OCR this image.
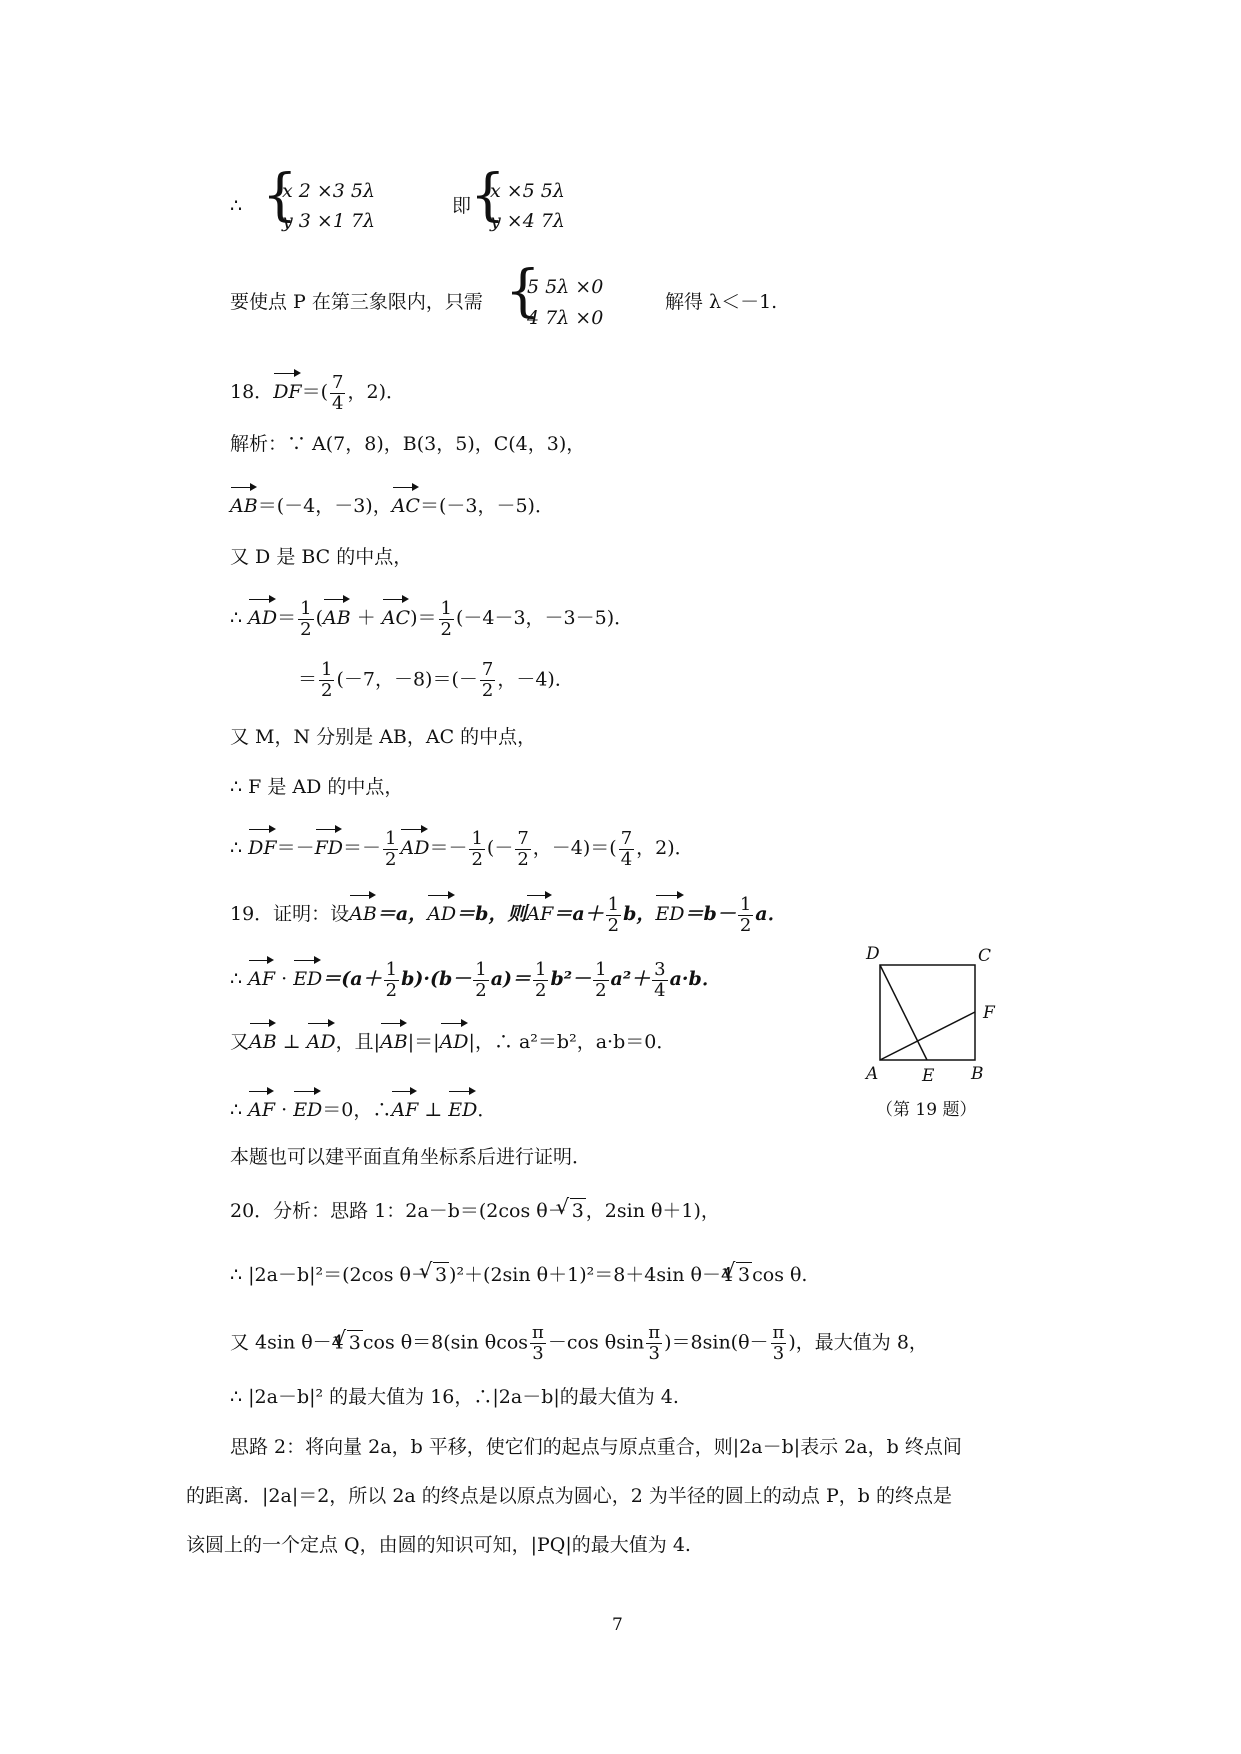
∴ {
x 2 ⨯3 5λ
y 3 ⨯1 7λ
即
{
x ⨯5 5λ
y ⨯4 7λ
要使点 P 在第三象限内，只需 {
5 5λ ⨯0
4 7λ ⨯0
解得 λ＜－1.
18．$DF=( \frac{7}{4}$ ，2)．
解析：∵ A(7，8)，B(3，5)，C(4，3)，
AB＝(－4，－3)，AC＝(－3，－5)．
又 D 是 BC 的中点，
∴ $AD= \frac{1}{2} (AB + AC)= \frac{1}{2} (-4-3$，－3－5)．
＝ $\frac{1}{2} (-7$，$-8)=(- \frac{7}{2}$ ，－4)．
又 M，N 分别是 AB，AC 的中点，
∴ F 是 AD 的中点，
∴ $DF=-FD=- \frac{1}{2} AD=- \frac{1}{2}$ (－ $\frac{7}{2}$ ，$-4)=( \frac{7}{4}$ ，2)．
19．证明：设AB＝a，AD＝b，则$AF=a+ \frac{1}{2}$ b，$ED=b- \frac{1}{2}$ a．
∴ AF · $ED=(a+ \frac{1}{2} b)\cdot(b- \frac{1}{2} a)= \frac{1}{2} b^2- \frac{1}{2} a^2+ \frac{3}{4} a\cdot b$．
又AB ⊥ AD，且|AB|＝|AD|，∴ a²＝b²，a·b＝0．
∴ AF · ED＝0，∴AF ⊥ ED．
本题也可以建平面直角坐标系后进行证明．
D	C
F
A	E B
（第 19 题）
20．分析：思路 1：2a－b＝(2cos θ－ √ 3 ，2sin θ＋1)，
∴ |2a－b|²＝(2cos θ－ √ 3 )²＋(2sin θ＋1)²＝8＋4sin θ－4 √ 3 cos θ.
又 4sin θ－4 √ 3 cos θ＝8(sin θcos $\frac{\pi}{3} -\cos$ θsin $\frac{\pi}{3} )=8\sin(\theta- \frac{\pi}{3}$ )，最大值为 8，
∴ |2a－b|² 的最大值为 16，∴|2a－b|的最大值为 4.
思路 2：将向量 2a，b 平移，使它们的起点与原点重合，则|2a－b|表示 2a，b 终点间
的距离．|2a|＝2，所以 2a 的终点是以原点为圆心，2 为半径的圆上的动点 P，b 的终点是
该圆上的一个定点 Q，由圆的知识可知，|PQ|的最大值为 4.
7
